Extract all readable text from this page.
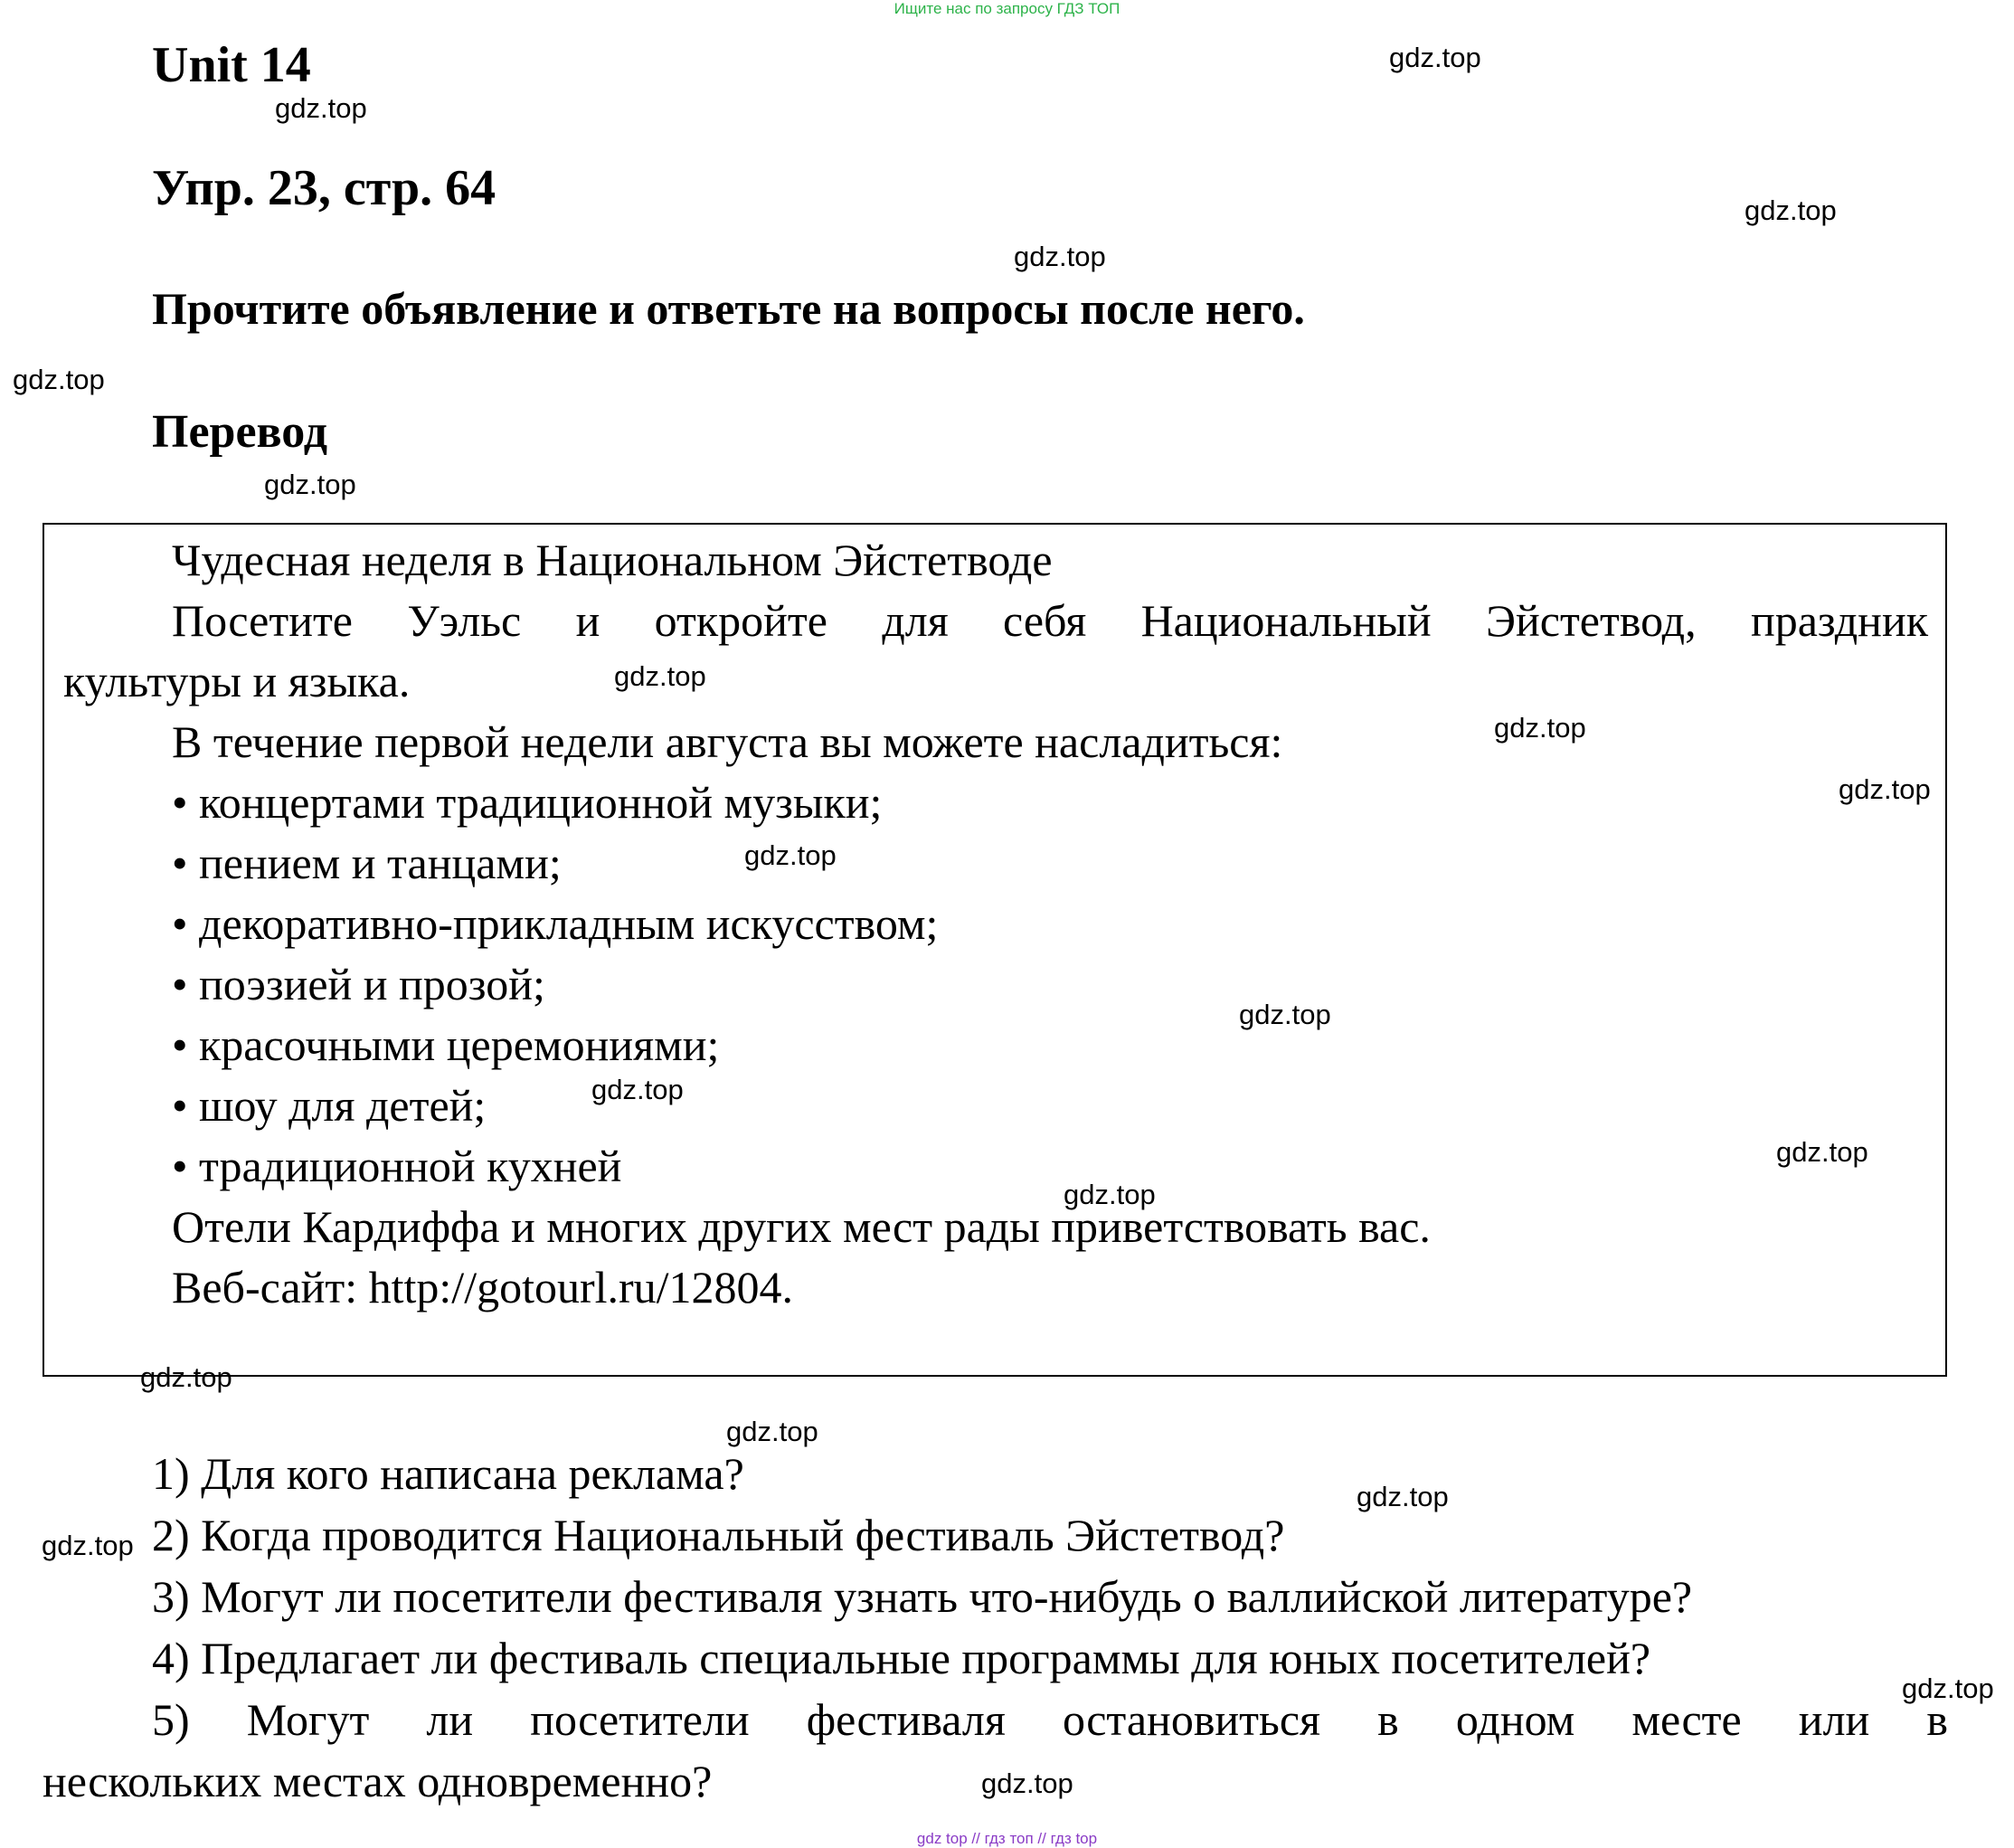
Ищите нас по запросу ГДЗ ТОП
Unit 14
Упр. 23, стр. 64

Прочтите объявление и ответьте на вопросы после него.

Перевод
Чудесная неделя в Национальном Эйстетводе
Посетите Уэльс и откройте для себя Национальный Эйстетвод, праздник
культуры и языка.
В течение первой недели августа вы можете насладиться:
• концертами традиционной музыки;
• пением и танцами;
• декоративно-прикладным искусством;
• поэзией и прозой;
• красочными церемониями;
• шоу для детей;
• традиционной кухней
Отели Кардиффа и многих других мест рады приветствовать вас.
Веб-сайт: http://gotourl.ru/12804.
1) Для кого написана реклама?
2) Когда проводится Национальный фестиваль Эйстетвод?
3) Могут ли посетители фестиваля узнать что-нибудь о валлийской литературе?
4) Предлагает ли фестиваль специальные программы для юных посетителей?
5) Могут ли посетители фестиваля остановиться в одном месте или в
нескольких местах одновременно?
gdz.top
gdz.top
gdz.top
gdz.top
gdz.top
gdz.top
gdz.top
gdz.top
gdz.top
gdz.top
gdz.top
gdz.top
gdz.top
gdz.top
gdz.top
gdz.top
gdz.top
gdz.top
gdz.top
gdz.top
gdz top // гдз топ // гдз top
